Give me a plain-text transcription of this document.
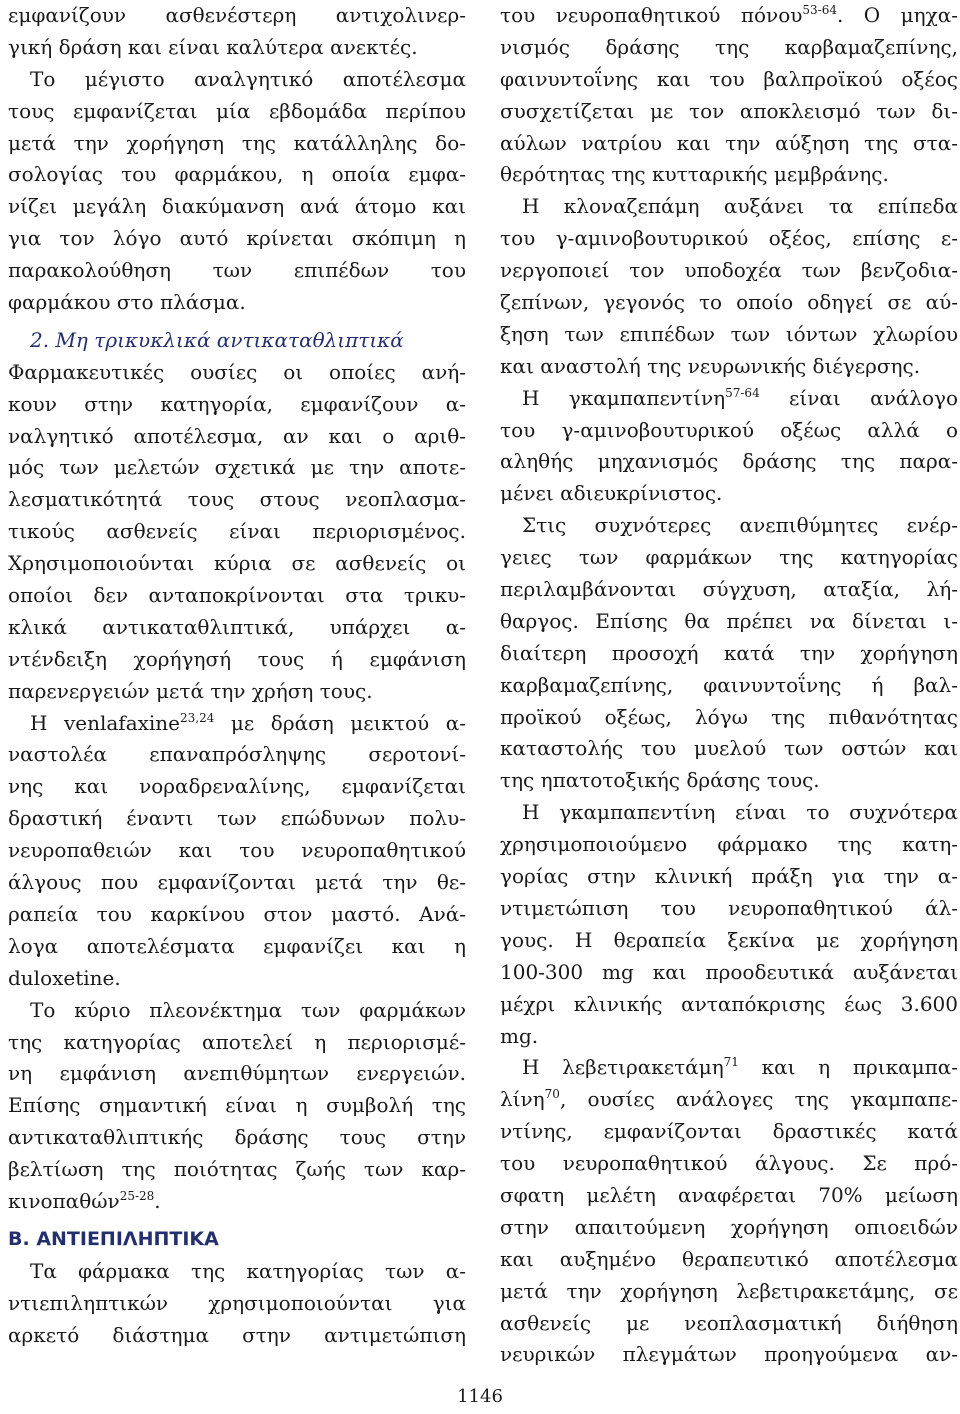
εμφανίζουν ασθενέστερη αντιχολινερ-
γική δράση και είναι καλύτερα ανεκτές.
Το μέγιστο αναλγητικό αποτέλεσμα
τους εμφανίζεται μία εβδομάδα περίπου
μετά την χορήγηση της κατάλληλης δο-
σολογίας του φαρμάκου, η οποία εμφα-
νίζει μεγάλη διακύμανση ανά άτομο και
για τον λόγο αυτό κρίνεται σκόπιμη η
παρακολούθηση των επιπέδων του
φαρμάκου στο πλάσμα.
2. Μη τρικυκλικά αντικαταθλιπτικά
Φαρμακευτικές ουσίες οι οποίες ανή-
κουν στην κατηγορία, εμφανίζουν α-
ναλγητικό αποτέλεσμα, αν και ο αριθ-
μός των μελετών σχετικά με την αποτε-
λεσματικότητά τους στους νεοπλασμα-
τικούς ασθενείς είναι περιορισμένος.
Χρησιμοποιούνται κύρια σε ασθενείς οι
οποίοι δεν ανταποκρίνονται στα τρικυ-
κλικά αντικαταθλιπτικά, υπάρχει α-
ντένδειξη χορήγησή τους ή εμφάνιση
παρενεργειών μετά την χρήση τους.
Η venlafaxine$^{23,24}$ με δράση μεικτού α-
ναστολέα επαναπρόσληψης σεροτονί-
νης και νοραδρεναλίνης, εμφανίζεται
δραστική έναντι των επώδυνων πολυ-
νευροπαθειών και του νευροπαθητικού
άλγους που εμφανίζονται μετά την θε-
ραπεία του καρκίνου στον μαστό. Ανά-
λογα αποτελέσματα εμφανίζει και η
duloxetine.
Το κύριο πλεονέκτημα των φαρμάκων
της κατηγορίας αποτελεί η περιορισμέ-
νη εμφάνιση ανεπιθύμητων ενεργειών.
Επίσης σημαντική είναι η συμβολή της
αντικαταθλιπτικής δράσης τους στην
βελτίωση της ποιότητας ζωής των καρ-
κινοπαθών$^{25-28}$.
Β. ΑΝΤΙΕΠΙΛΗΠΤΙΚΑ
Τα φάρμακα της κατηγορίας των α-
ντιεπιληπτικών χρησιμοποιούνται για
αρκετό διάστημα στην αντιμετώπιση
του νευροπαθητικού πόνου$^{53-64}$. Ο μηχα-
νισμός δράσης της καρβαμαζεπίνης,
φαινυντοΐνης και του βαλπροϊκού οξέος
συσχετίζεται με τον αποκλεισμό των δι-
αύλων νατρίου και την αύξηση της στα-
θερότητας της κυτταρικής μεμβράνης.
Η κλοναζεπάμη αυξάνει τα επίπεδα
του γ-αμινοβουτυρικού οξέος, επίσης ε-
νεργοποιεί τον υποδοχέα των βενζοδια-
ζεπίνων, γεγονός το οποίο οδηγεί σε αύ-
ξηση των επιπέδων των ιόντων χλωρίου
και αναστολή της νευρωνικής διέγερσης.
Η γκαμπαπεντίνη$^{57-64}$ είναι ανάλογο
του γ-αμινοβουτυρικού οξέως αλλά ο
αληθής μηχανισμός δράσης της παρα-
μένει αδιευκρίνιστος.
Στις συχνότερες ανεπιθύμητες ενέρ-
γειες των φαρμάκων της κατηγορίας
περιλαμβάνονται σύγχυση, αταξία, λή-
θαργος. Επίσης θα πρέπει να δίνεται ι-
διαίτερη προσοχή κατά την χορήγηση
καρβαμαζεπίνης, φαινυντοΐνης ή βαλ-
προϊκού οξέως, λόγω της πιθανότητας
καταστολής του μυελού των οστών και
της ηπατοτοξικής δράσης τους.
Η γκαμπαπεντίνη είναι το συχνότερα
χρησιμοποιούμενο φάρμακο της κατη-
γορίας στην κλινική πράξη για την α-
ντιμετώπιση του νευροπαθητικού άλ-
γους. Η θεραπεία ξεκίνα με χορήγηση
100-300 mg και προοδευτικά αυξάνεται
μέχρι κλινικής ανταπόκρισης έως 3.600
mg.
Η λεβετιρακετάμη$^{71}$ και η πρικαμπα-
λίνη$^{70}$, ουσίες ανάλογες της γκαμπαπε-
ντίνης, εμφανίζονται δραστικές κατά
του νευροπαθητικού άλγους. Σε πρό-
σφατη μελέτη αναφέρεται 70% μείωση
στην απαιτούμενη χορήγηση οπιοειδών
και αυξημένο θεραπευτικό αποτέλεσμα
μετά την χορήγηση λεβετιρακετάμης, σε
ασθενείς με νεοπλασματική διήθηση
νευρικών πλεγμάτων προηγούμενα αν-
1146
